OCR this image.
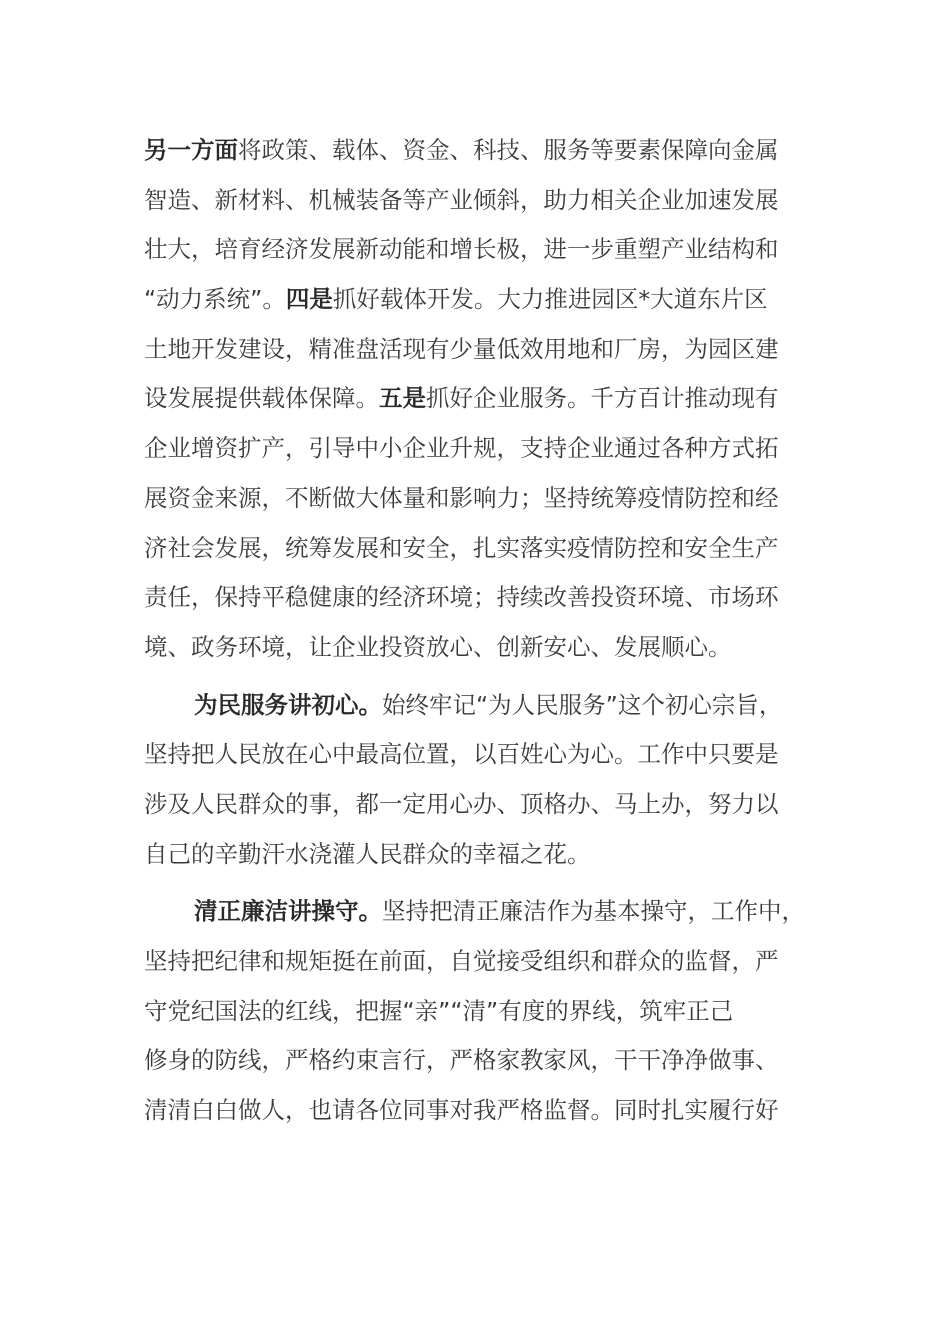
另一方面将政策、载体、资金、科技、服务等要素保障向金属
智造、新材料、机械装备等产业倾斜，助力相关企业加速发展
壮大，培育经济发展新动能和增长极，进一步重塑产业结构和
“动力系统”。四是抓好载体开发。大力推进园区*大道东片区
土地开发建设，精准盘活现有少量低效用地和厂房，为园区建
设发展提供载体保障。五是抓好企业服务。千方百计推动现有
企业增资扩产，引导中小企业升规，支持企业通过各种方式拓
展资金来源，不断做大体量和影响力；坚持统筹疫情防控和经
济社会发展，统筹发展和安全，扎实落实疫情防控和安全生产
责任，保持平稳健康的经济环境；持续改善投资环境、市场环
境、政务环境，让企业投资放心、创新安心、发展顺心。
为民服务讲初心。始终牢记“为人民服务”这个初心宗旨，
坚持把人民放在心中最高位置，以百姓心为心。工作中只要是
涉及人民群众的事，都一定用心办、顶格办、马上办，努力以
自己的辛勤汗水浇灌人民群众的幸福之花。
清正廉洁讲操守。坚持把清正廉洁作为基本操守，工作中，
坚持把纪律和规矩挺在前面，自觉接受组织和群众的监督，严
守党纪国法的红线，把握“亲”“清”有度的界线，筑牢正己
修身的防线，严格约束言行，严格家教家风，干干净净做事、
清清白白做人，也请各位同事对我严格监督。同时扎实履行好
